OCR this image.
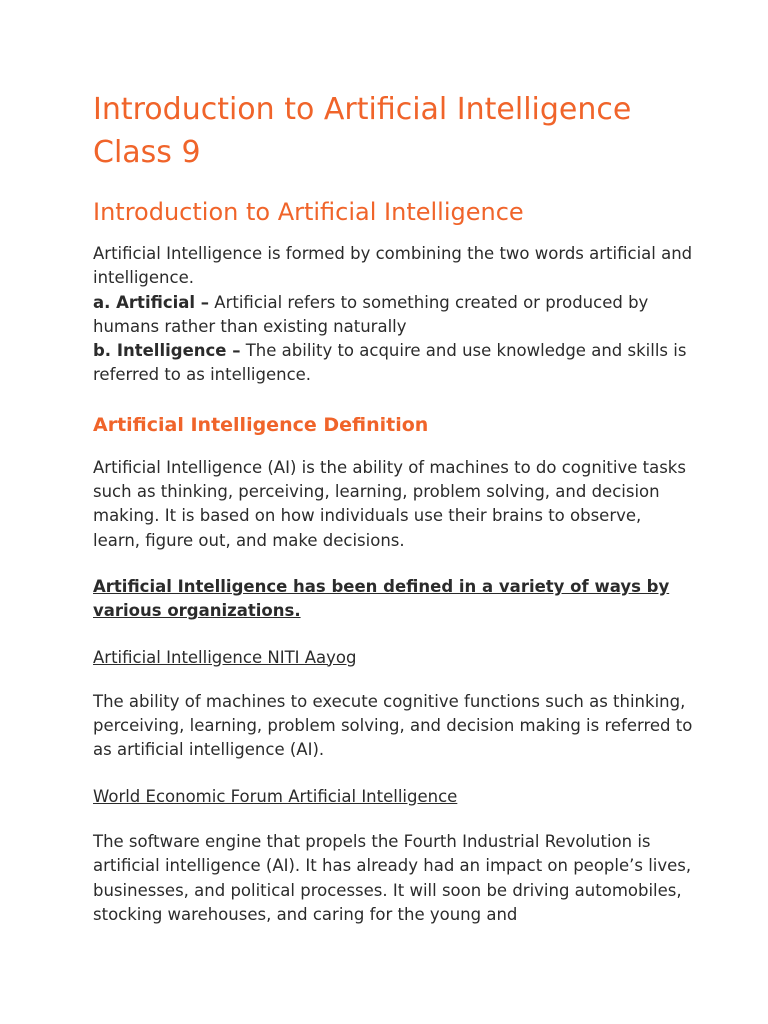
Introduction to Artificial Intelligence Class 9
Introduction to Artificial Intelligence

Artificial Intelligence is formed by combining the two words artificial and intelligence.
a. Artificial – Artificial refers to something created or produced by humans rather than existing naturally
b. Intelligence – The ability to acquire and use knowledge and skills is referred to as intelligence.

Artificial Intelligence Definition

Artificial Intelligence (AI) is the ability of machines to do cognitive tasks such as thinking, perceiving, learning, problem solving, and decision making. It is based on how individuals use their brains to observe, learn, figure out, and make decisions.

Artificial Intelligence has been defined in a variety of ways by various organizations.

Artificial Intelligence NITI Aayog

The ability of machines to execute cognitive functions such as thinking, perceiving, learning, problem solving, and decision making is referred to as artificial intelligence (AI).

World Economic Forum Artificial Intelligence

The software engine that propels the Fourth Industrial Revolution is artificial intelligence (AI). It has already had an impact on people’s lives, businesses, and political processes. It will soon be driving automobiles, stocking warehouses, and caring for the young and
